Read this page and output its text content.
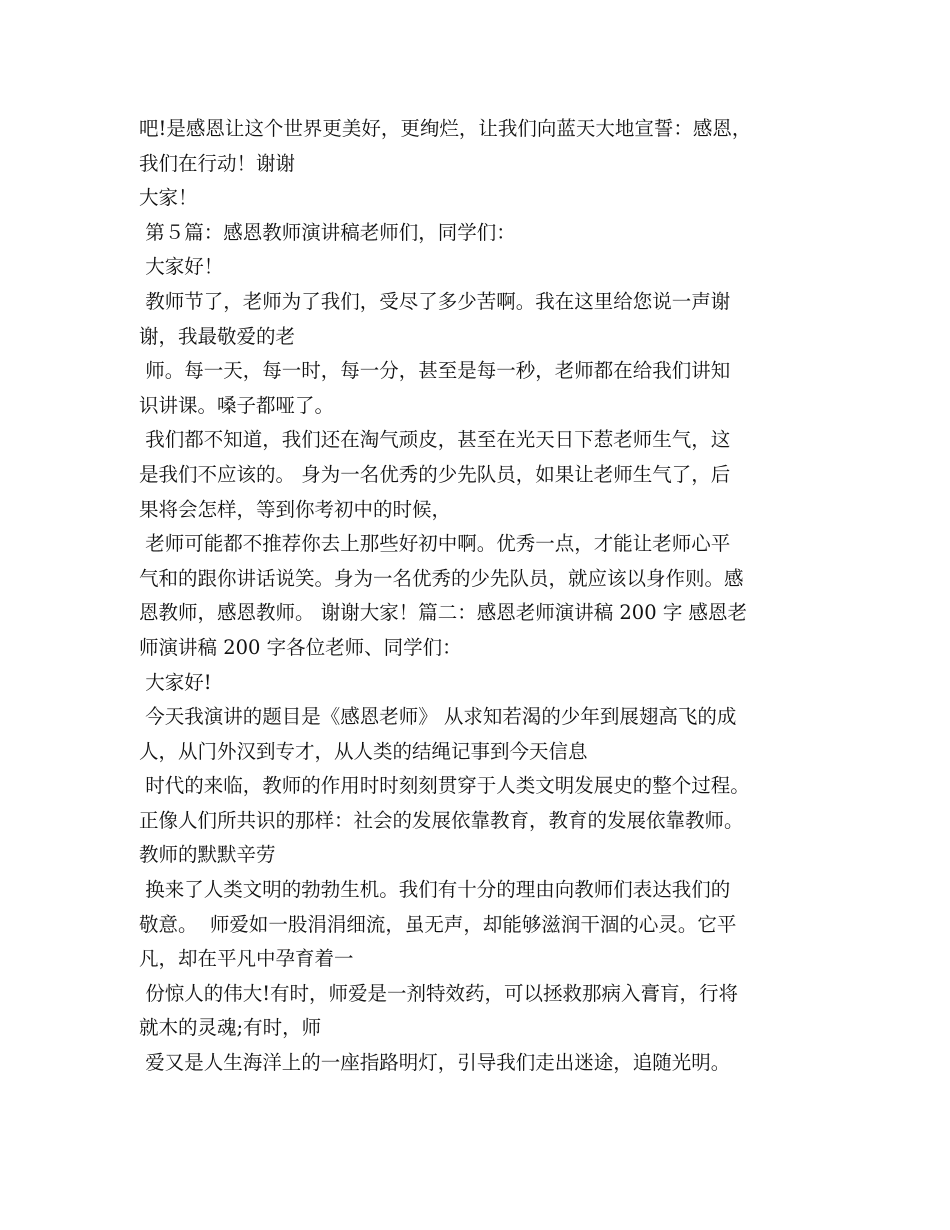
吧!是感恩让这个世界更美好，更绚烂，让我们向蓝天大地宣誓：感恩，
我们在行动！谢谢
大家！
第５篇：感恩教师演讲稿老师们，同学们：
大家好！
教师节了，老师为了我们，受尽了多少苦啊。我在这里给您说一声谢
谢，我最敬爱的老
师。每一天，每一时，每一分，甚至是每一秒，老师都在给我们讲知
识讲课。嗓子都哑了。
我们都不知道，我们还在淘气顽皮，甚至在光天日下惹老师生气，这
是我们不应该的。 身为一名优秀的少先队员，如果让老师生气了，后
果将会怎样，等到你考初中的时候，
老师可能都不推荐你去上那些好初中啊。优秀一点，才能让老师心平
气和的跟你讲话说笑。身为一名优秀的少先队员，就应该以身作则。感
恩教师，感恩教师。 谢谢大家！篇二：感恩老师演讲稿 200 字 感恩老
师演讲稿 200 字各位老师、同学们：
大家好!
今天我演讲的题目是《感恩老师》 从求知若渴的少年到展翅高飞的成
人，从门外汉到专才，从人类的结绳记事到今天信息
时代的来临，教师的作用时时刻刻贯穿于人类文明发展史的整个过程。
正像人们所共识的那样：社会的发展依靠教育，教育的发展依靠教师。
教师的默默辛劳
换来了人类文明的勃勃生机。我们有十分的理由向教师们表达我们的
敬意。  师爱如一股涓涓细流，虽无声，却能够滋润干涸的心灵。它平
凡，却在平凡中孕育着一
份惊人的伟大!有时，师爱是一剂特效药，可以拯救那病入膏肓，行将
就木的灵魂;有时，师
爱又是人生海洋上的一座指路明灯，引导我们走出迷途，追随光明。
